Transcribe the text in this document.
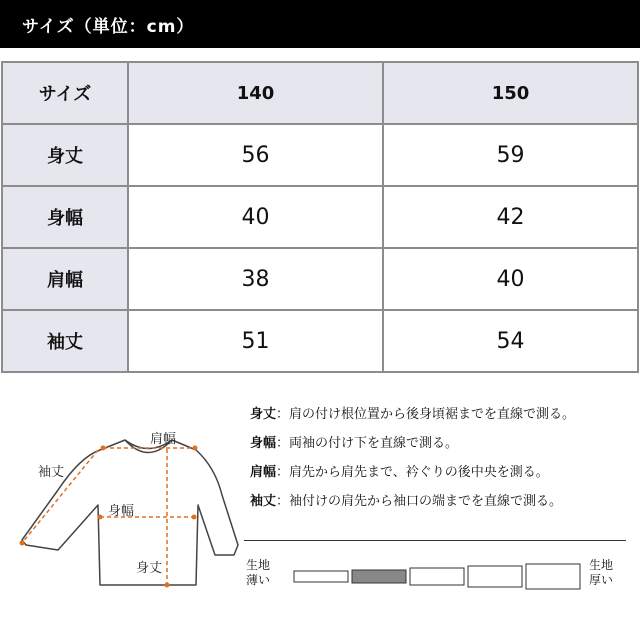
サイズ（単位：cm）
サイズ	140	150
身丈	56	59
身幅	40	42
肩幅	38	40
袖丈	51	54
肩幅
袖丈
身幅
身丈
身丈：肩の付け根位置から後身頃裾までを直線で測る。
身幅：両袖の付け下を直線で測る。
肩幅：肩先から肩先まで、衿ぐりの後中央を測る。
袖丈：袖付けの肩先から袖口の端までを直線で測る。
生地
薄い
生地
厚い
